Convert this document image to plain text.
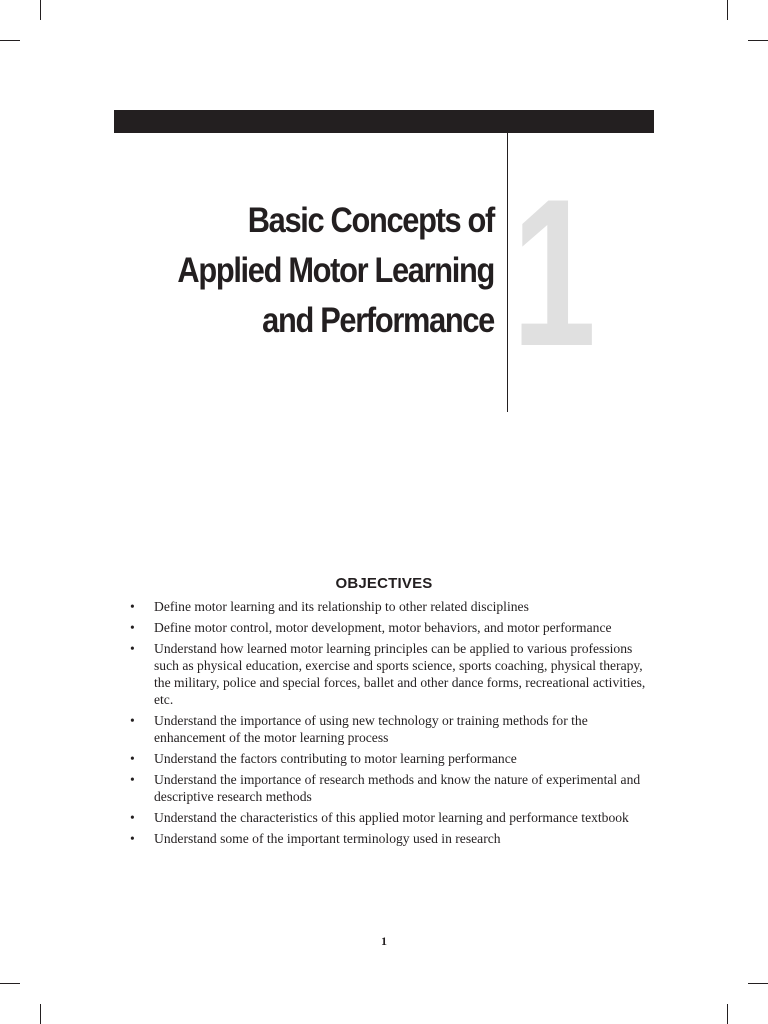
Basic Concepts of
Applied Motor Learning
and Performance 1
OBJECTIVES
• Define motor learning and its relationship to other related disciplines
• Define motor control, motor development, motor behaviors, and motor performance
• Understand how learned motor learning principles can be applied to various professions such as physical education, exercise and sports science, sports coaching, physical therapy, the military, police and special forces, ballet and other dance forms, recreational activities, etc.
• Understand the importance of using new technology or training methods for the enhancement of the motor learning process
• Understand the factors contributing to motor learning performance
• Understand the importance of research methods and know the nature of experimental and descriptive research methods
• Understand the characteristics of this applied motor learning and performance textbook
• Understand some of the important terminology used in research
1
